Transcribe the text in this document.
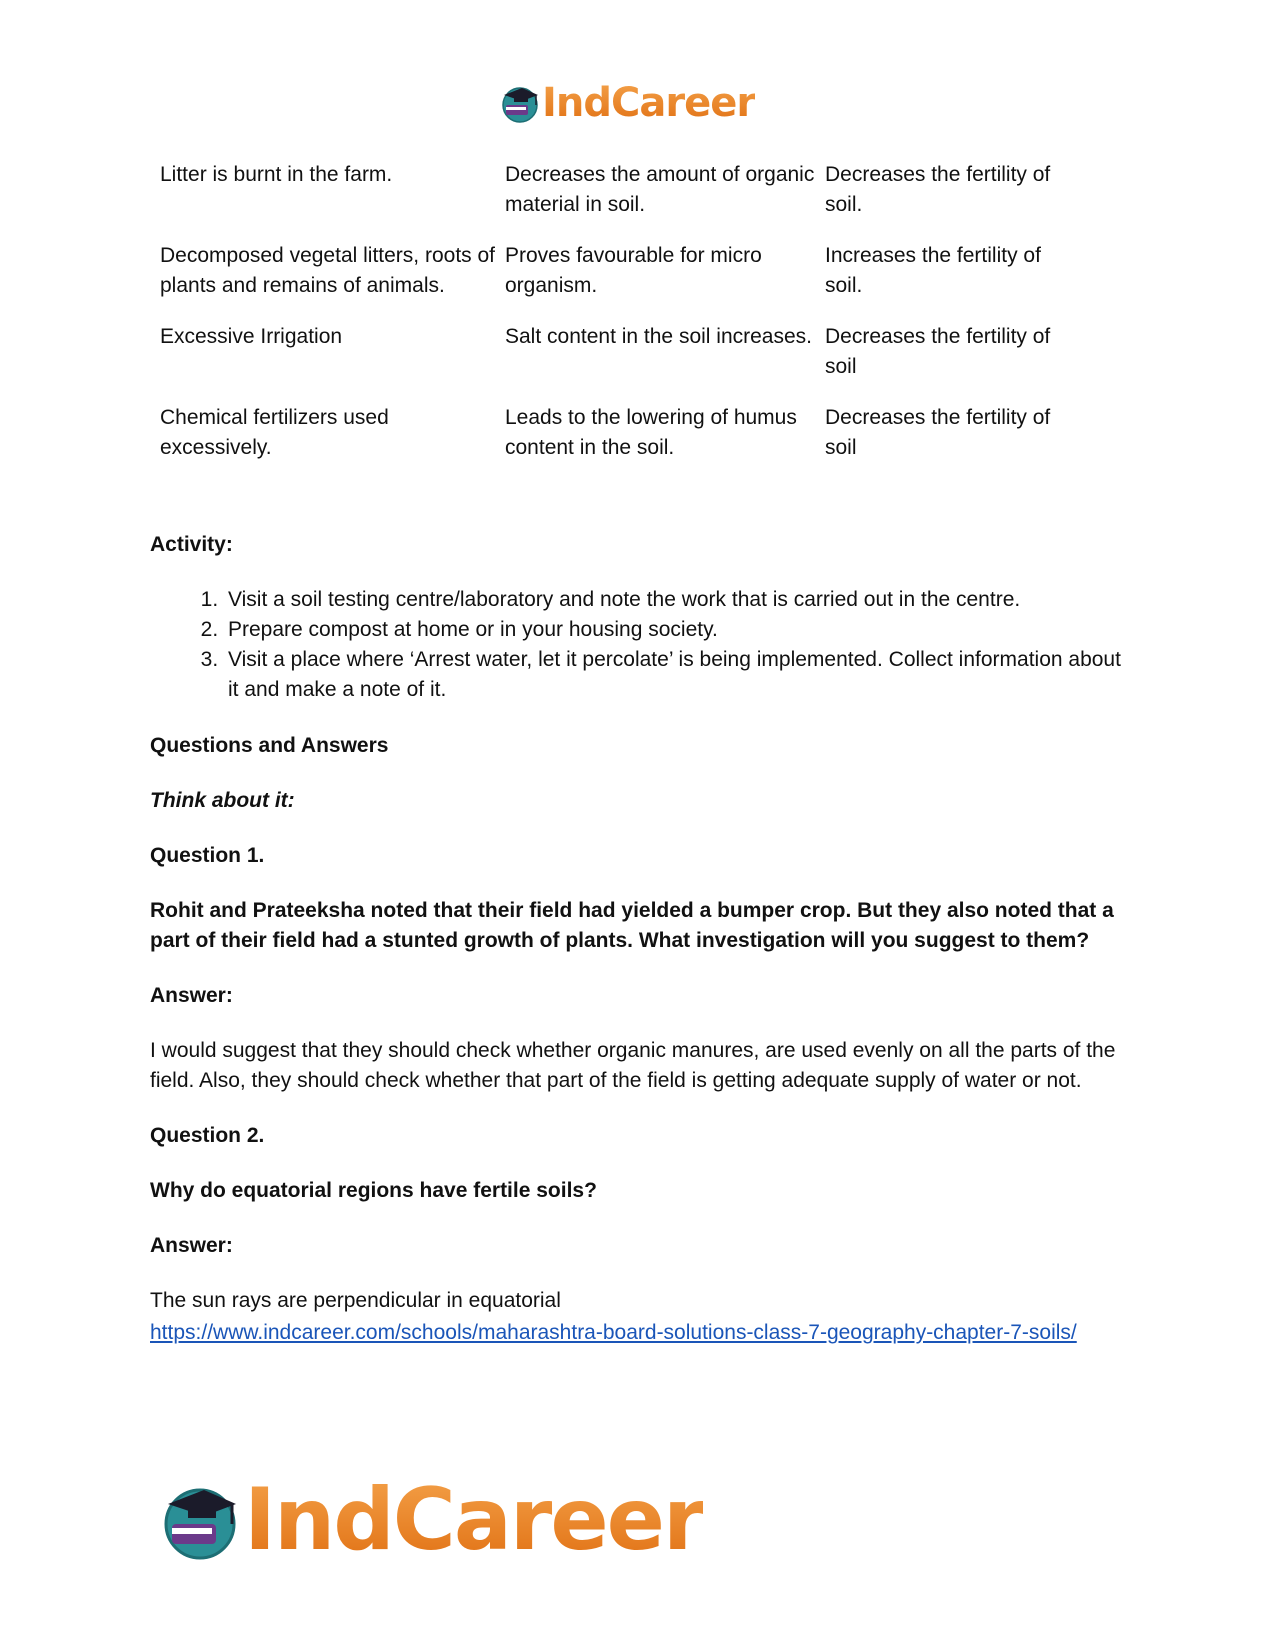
IndCareer
Litter is burnt in the farm.	Decreases the amount of organic material in soil.
Decreases the fertility of soil.
Decomposed vegetal litters, roots of plants and remains of animals.
Proves favourable for micro organism.
Increases the fertility of soil.
Excessive Irrigation	Salt content in the soil increases. Decreases the fertility of soil
Chemical fertilizers used excessively.
Leads to the lowering of humus content in the soil.
Decreases the fertility of soil

Activity:

1. Visit a soil testing centre/laboratory and note the work that is carried out in the centre.
2. Prepare compost at home or in your housing society.
3. Visit a place where ‘Arrest water, let it percolate’ is being implemented. Collect information about it and make a note of it.

Questions and Answers

Think about it:

Question 1.

Rohit and Prateeksha noted that their field had yielded a bumper crop. But they also noted that a part of their field had a stunted growth of plants. What investigation will you suggest to them?

Answer:

I would suggest that they should check whether organic manures, are used evenly on all the parts of the field. Also, they should check whether that part of the field is getting adequate supply of water or not.

Question 2.

Why do equatorial regions have fertile soils?

Answer:

The sun rays are perpendicular in equatorial

https://www.indcareer.com/schools/maharashtra-board-solutions-class-7-geography-chapter-7-soils/
IndCareer
